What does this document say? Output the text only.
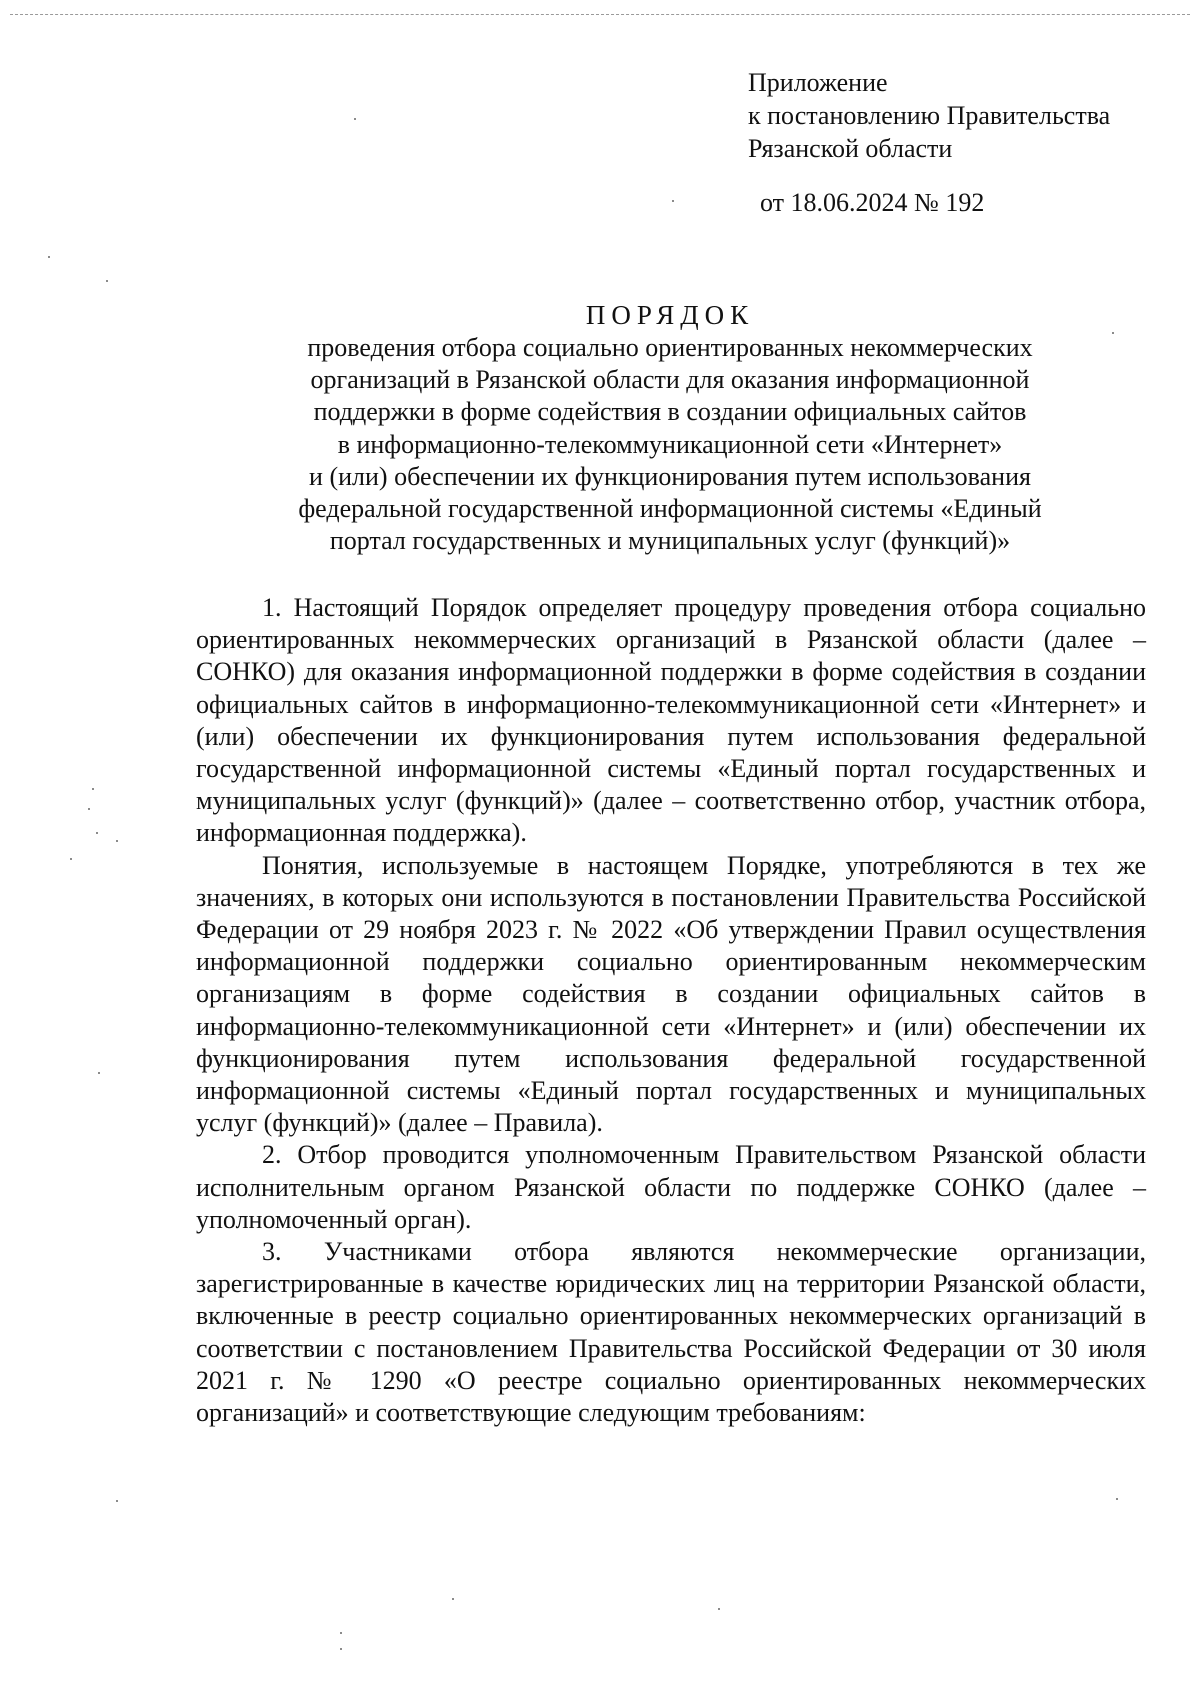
Приложение
к постановлению Правительства
Рязанской области
от 18.06.2024 № 192
ПОРЯДОК
проведения отбора социально ориентированных некоммерческих
организаций в Рязанской области для оказания информационной
поддержки в форме содействия в создании официальных сайтов
в информационно-телекоммуникационной сети «Интернет»
и (или) обеспечении их функционирования путем использования
федеральной государственной информационной системы «Единый
портал государственных и муниципальных услуг (функций)»

1. Настоящий Порядок определяет процедуру проведения отбора социально ориентированных некоммерческих организаций в Рязанской области (далее – СОНКО) для оказания информационной поддержки в форме содействия в создании официальных сайтов в информационно-телекоммуникационной сети «Интернет» и (или) обеспечении их функционирования путем использования федеральной государственной информационной системы «Единый портал государственных и муниципальных услуг (функций)» (далее – соответственно отбор, участник отбора, информационная поддержка).

Понятия, используемые в настоящем Порядке, употребляются в тех же значениях, в которых они используются в постановлении Правительства Российской Федерации от 29 ноября 2023 г. № 2022 «Об утверждении Правил осуществления информационной поддержки социально ориентированным некоммерческим организациям в форме содействия в создании официальных сайтов в информационно-телекоммуникационной сети «Интернет» и (или) обеспечении их функционирования путем использования федеральной государственной информационной системы «Единый портал государственных и муниципальных услуг (функций)» (далее – Правила).

2. Отбор проводится уполномоченным Правительством Рязанской области исполнительным органом Рязанской области по поддержке СОНКО (далее – уполномоченный орган).

3. Участниками отбора являются некоммерческие организации, зарегистрированные в качестве юридических лиц на территории Рязанской области, включенные в реестр социально ориентированных некоммерческих организаций в соответствии с постановлением Правительства Российской Федерации от 30 июля 2021 г. № 1290 «О реестре социально ориентированных некоммерческих организаций» и соответствующие следующим требованиям:
